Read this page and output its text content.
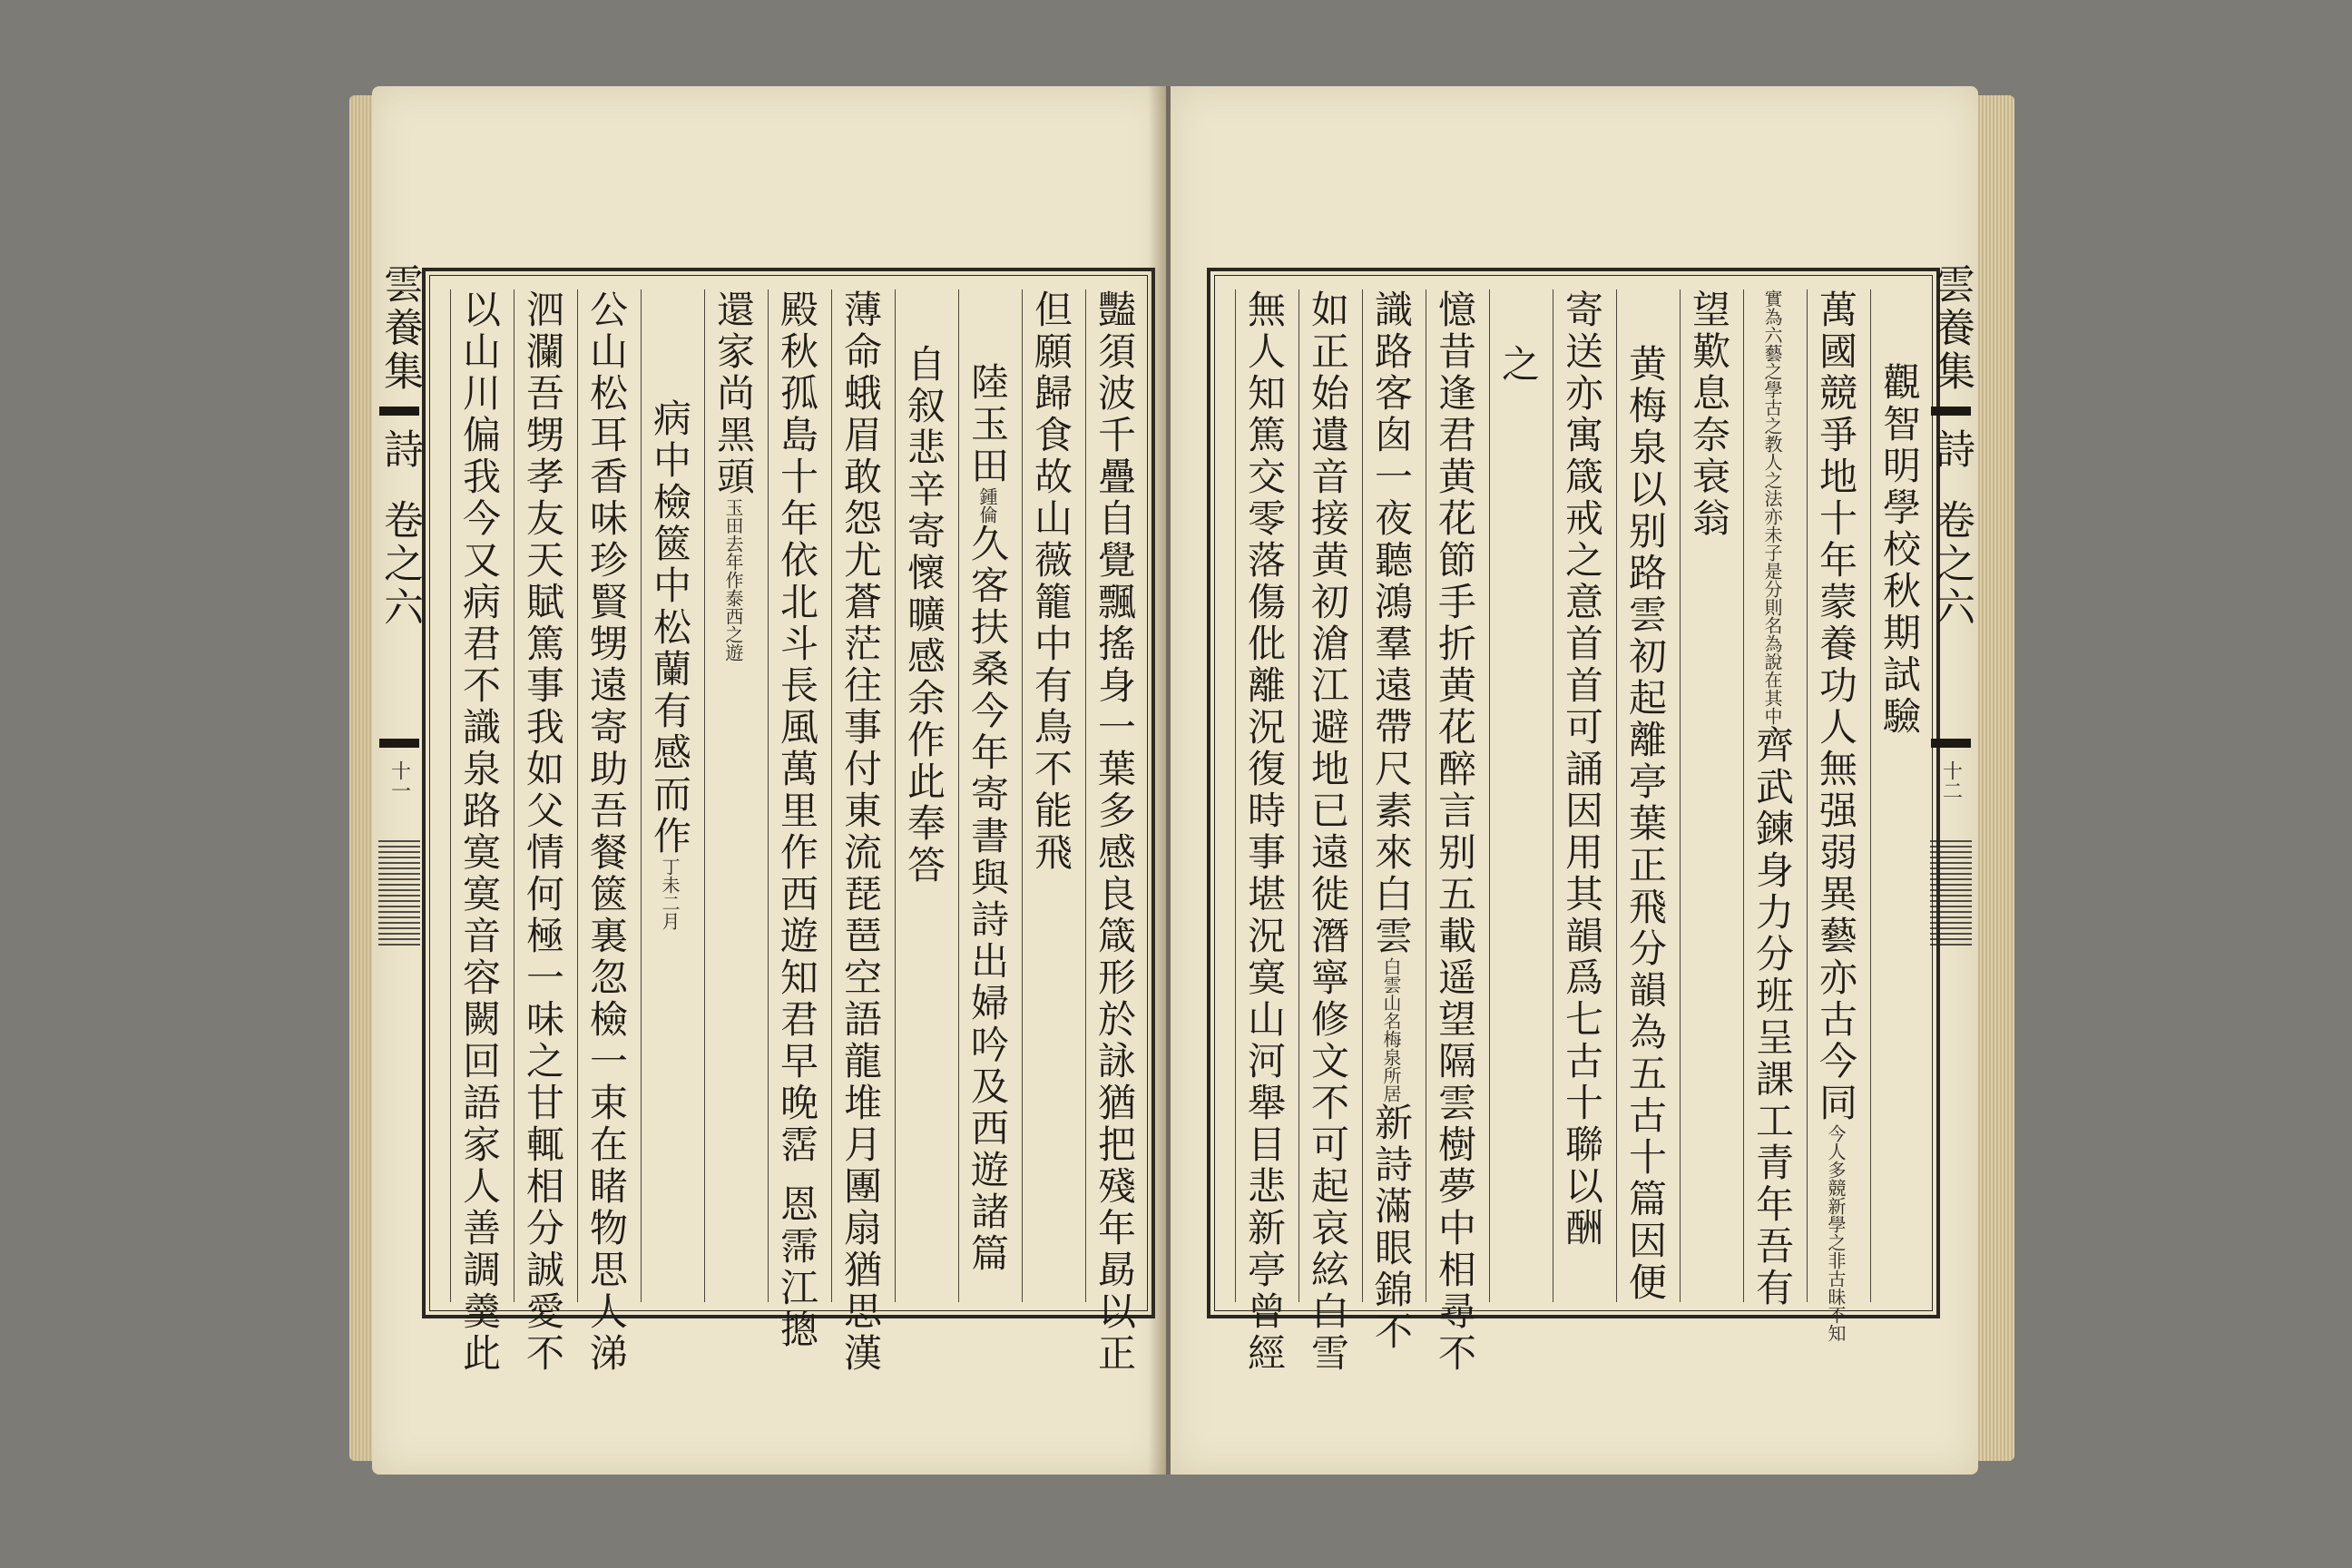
雲養集
詩
卷之六
十一	豔須波千疊自覺飄搖身一葉多感良箴形於詠猶把殘年勗以正
但願歸食故山薇籠中有鳥不能飛
陸玉田
鍾倫
久客扶桑今年寄書與詩出婦吟及西遊諸篇
自叙悲辛寄懷曠感余作此奉答
薄命蛾眉敢怨尤蒼茫往事付東流琵琶空語龍堆月團扇猶思漢
殿秋孤島十年依北斗長風萬里作西遊知君早晚霑
恩霈江摠
還家尚黑頭
玉田去年作泰西之遊
病中檢篋中松蘭有感而作
丁未二月
公山松耳香味珍賢甥遠寄助吾餐篋裏忽檢一束在睹物思人涕
泗瀾吾甥孝友天賦篤事我如父情何極一味之甘輒相分誠愛不
以山川偏我今又病君不識泉路寞寞音容闕回語家人善調羹此	觀智明學校秋期試驗
萬國競爭地十年蒙養功人無强弱異藝亦古今同
今人多競新學之非古昧不知
實為六藝之學古之教人之法亦未子是分則名為說在其中
齊武鍊身力分班呈課工青年吾有
望歎息奈衰翁
黄梅泉以别路雲初起離亭葉正飛分韻為五古十篇因便
寄送亦寓箴戒之意首首可誦因用其韻爲七古十聯以酬
之
憶昔逢君黄花節手折黄花醉言别五載遥望隔雲樹夢中相尋不
識路客囱一夜聽鴻羣遠帶尺素來白雲
白雲山名梅泉所居
新詩滿眼錦不
如正始遺音接黄初滄江避地已遠徙潛寧修文不可起哀絃白雪
無人知篤交零落傷仳離況復時事堪況寞山河舉目悲新亭曾經	雲養集
詩
卷之六
十二
